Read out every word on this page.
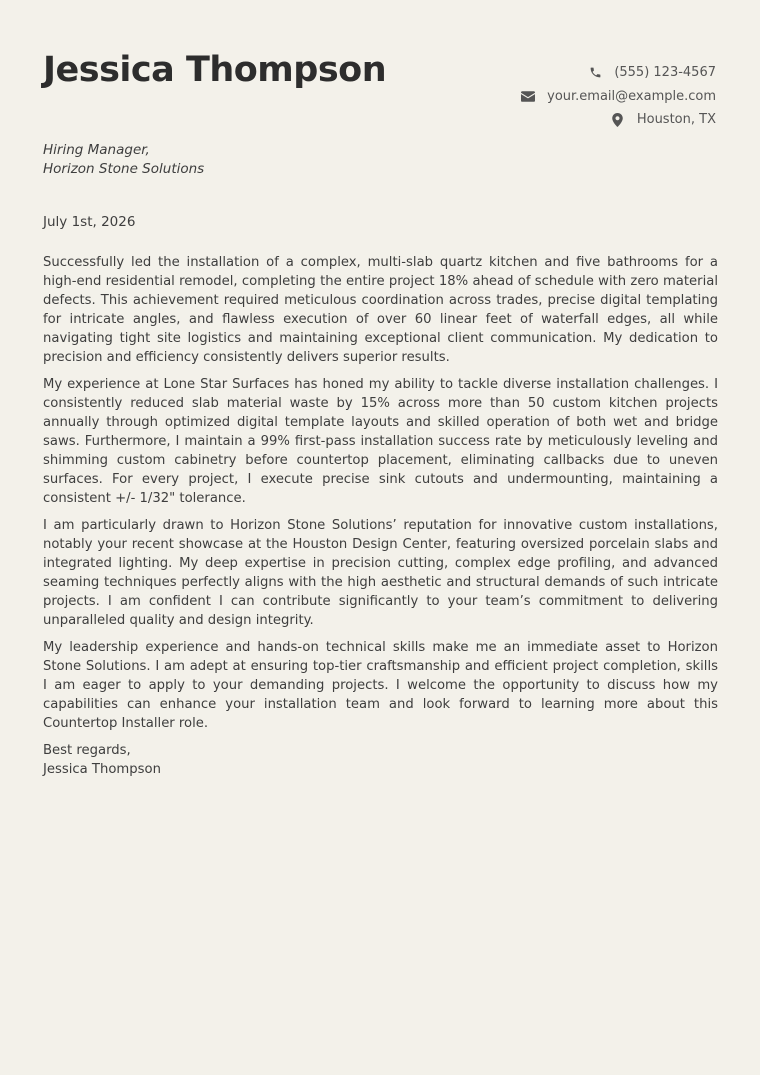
Jessica Thompson	(555) 123-4567
your.email@example.com
Houston, TX
Hiring Manager,
Horizon Stone Solutions
July 1st, 2026

Successfully led the installation of a complex, multi-slab quartz kitchen and five bathrooms for a high-end residential remodel, completing the entire project 18% ahead of schedule with zero material defects. This achievement required meticulous coordination across trades, precise digital templating for intricate angles, and flawless execution of over 60 linear feet of waterfall edges, all while navigating tight site logistics and maintaining exceptional client communication. My dedication to precision and efficiency consistently delivers superior results.

My experience at Lone Star Surfaces has honed my ability to tackle diverse installation challenges. I consistently reduced slab material waste by 15% across more than 50 custom kitchen projects annually through optimized digital template layouts and skilled operation of both wet and bridge saws. Furthermore, I maintain a 99% first-pass installation success rate by meticulously leveling and shimming custom cabinetry before countertop placement, eliminating callbacks due to uneven surfaces. For every project, I execute precise sink cutouts and undermounting, maintaining a consistent +/- 1/32" tolerance.

I am particularly drawn to Horizon Stone Solutions’ reputation for innovative custom installations, notably your recent showcase at the Houston Design Center, featuring oversized porcelain slabs and integrated lighting. My deep expertise in precision cutting, complex edge profiling, and advanced seaming techniques perfectly aligns with the high aesthetic and structural demands of such intricate projects. I am confident I can contribute significantly to your team’s commitment to delivering unparalleled quality and design integrity.

My leadership experience and hands-on technical skills make me an immediate asset to Horizon Stone Solutions. I am adept at ensuring top-tier craftsmanship and efficient project completion, skills I am eager to apply to your demanding projects. I welcome the opportunity to discuss how my capabilities can enhance your installation team and look forward to learning more about this Countertop Installer role.

Best regards,
Jessica Thompson
